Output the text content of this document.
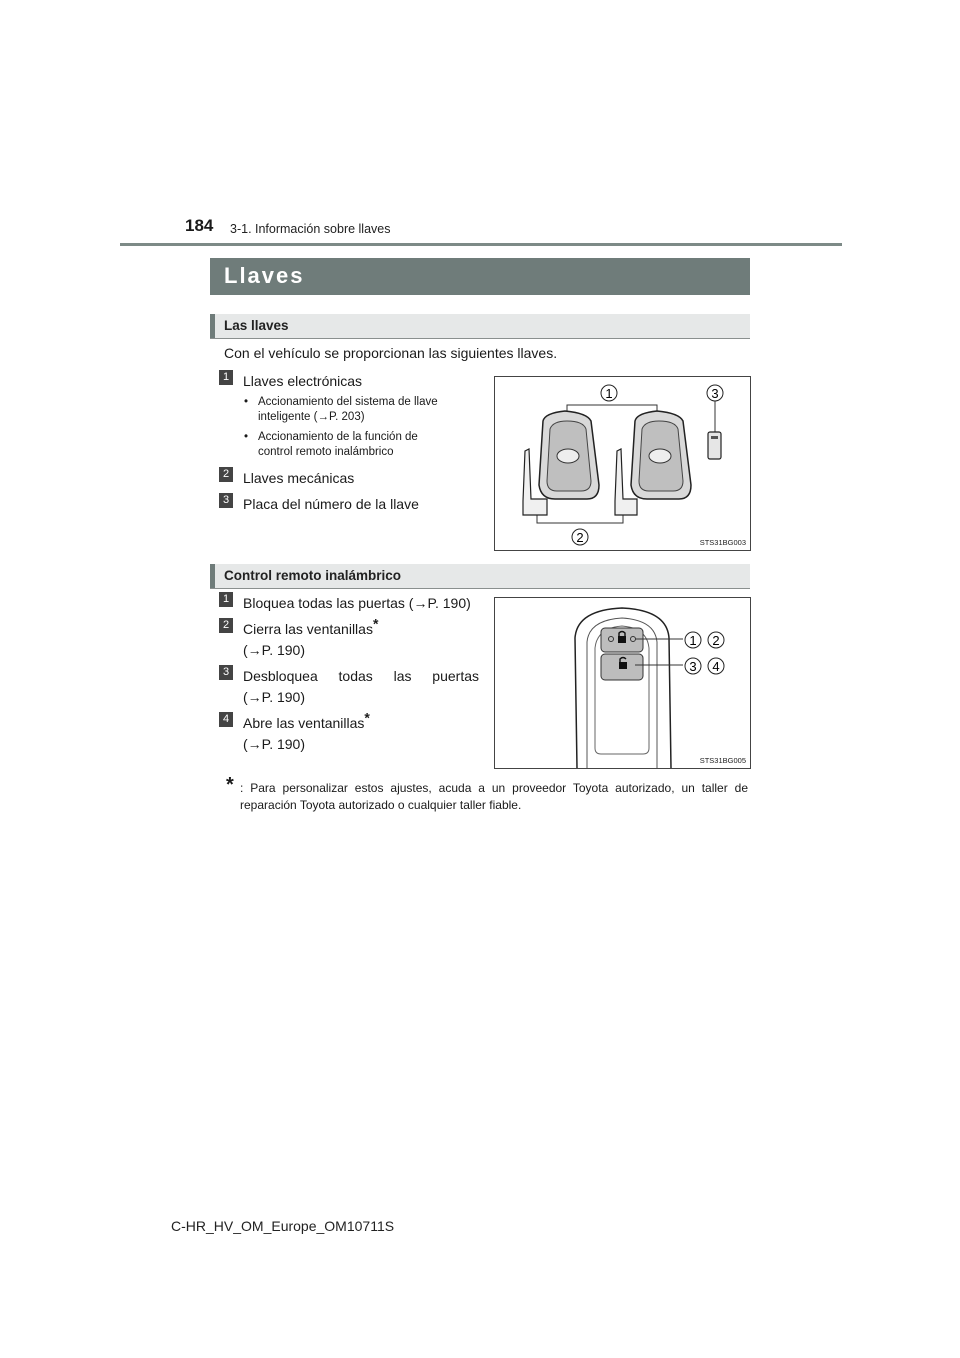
184 3-1. Información sobre llaves
Llaves
Las llaves
Con el vehículo se proporcionan las siguientes llaves.
1 Llaves electrónicas
• Accionamiento del sistema de llave
inteligente (→P. 203)
• Accionamiento de la función de
control remoto inalámbrico
2 Llaves mecánicas
3 Placa del número de la llave
1	3
2	STS31BG003
Control remoto inalámbrico
1 Bloquea todas las puertas (→P. 190)
2 Cierra las ventanillas*
(→P. 190)
3 Desbloquea todas las puertas
(→P. 190)
4 Abre las ventanillas*
(→P. 190)
1 2
3 4
STS31BG005
* : Para personalizar estos ajustes, acuda a un proveedor Toyota autorizado, un taller de reparación Toyota autorizado o cualquier taller fiable.
C-HR_HV_OM_Europe_OM10711S
